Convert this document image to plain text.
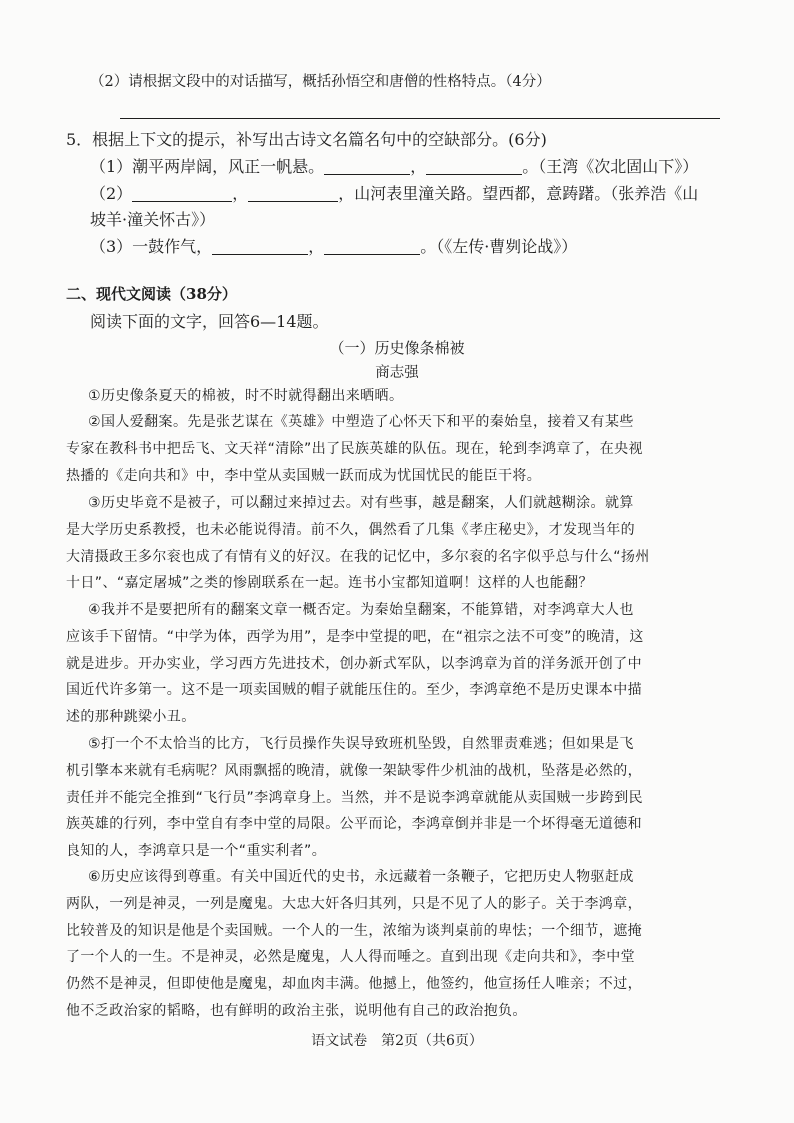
（2）请根据文段中的对话描写，概括孙悟空和唐僧的性格特点。（4分）
5．根据上下文的提示，补写出古诗文名篇名句中的空缺部分。(6分)
（1）潮平两岸阔，风正一帆悬。	，	。（王湾《次北固山下》）
（2）	，	，山河表里潼关路。望西都，意踌躇。（张养浩《山
坡羊·潼关怀古》）
（3）一鼓作气，	，	。（《左传·曹刿论战》）
二、现代文阅读（38分）
阅读下面的文字，回答6—14题。
（一）历史像条棉被
商志强
①历史像条夏天的棉被，时不时就得翻出来晒晒。
②国人爱翻案。先是张艺谋在《英雄》中塑造了心怀天下和平的秦始皇，接着又有某些
专家在教科书中把岳飞、文天祥“清除”出了民族英雄的队伍。现在，轮到李鸿章了，在央视
热播的《走向共和》中，李中堂从卖国贼一跃而成为忧国忧民的能臣干将。
③历史毕竟不是被子，可以翻过来掉过去。对有些事，越是翻案，人们就越糊涂。就算
是大学历史系教授，也未必能说得清。前不久，偶然看了几集《孝庄秘史》，才发现当年的
大清摄政王多尔衮也成了有情有义的好汉。在我的记忆中，多尔衮的名字似乎总与什么“扬州
十日”、“嘉定屠城”之类的惨剧联系在一起。连书小宝都知道啊！这样的人也能翻？
④我并不是要把所有的翻案文章一概否定。为秦始皇翻案，不能算错，对李鸿章大人也
应该手下留情。“中学为体，西学为用”，是李中堂提的吧，在“祖宗之法不可变”的晚清，这
就是进步。开办实业，学习西方先进技术，创办新式军队，以李鸿章为首的洋务派开创了中
国近代许多第一。这不是一项卖国贼的帽子就能压住的。至少，李鸿章绝不是历史课本中描
述的那种跳梁小丑。
⑤打一个不太恰当的比方，飞行员操作失误导致班机坠毁，自然罪责难逃；但如果是飞
机引擎本来就有毛病呢？风雨飘摇的晚清，就像一架缺零件少机油的战机，坠落是必然的，
责任并不能完全推到“飞行员”李鸿章身上。当然，并不是说李鸿章就能从卖国贼一步跨到民
族英雄的行列，李中堂自有李中堂的局限。公平而论，李鸿章倒并非是一个坏得毫无道德和
良知的人，李鸿章只是一个“重实利者”。
⑥历史应该得到尊重。有关中国近代的史书，永远藏着一条鞭子，它把历史人物驱赶成
两队，一列是神灵，一列是魔鬼。大忠大奸各归其列，只是不见了人的影子。关于李鸿章，
比较普及的知识是他是个卖国贼。一个人的一生，浓缩为谈判桌前的卑怯；一个细节，遮掩
了一个人的一生。不是神灵，必然是魔鬼，人人得而唾之。直到出现《走向共和》，李中堂
仍然不是神灵，但即使他是魔鬼，却血肉丰满。他撼上，他签约，他宣扬任人唯亲；不过，
他不乏政治家的韬略，也有鲜明的政治主张，说明他有自己的政治抱负。
语文试卷　第2页（共6页）
